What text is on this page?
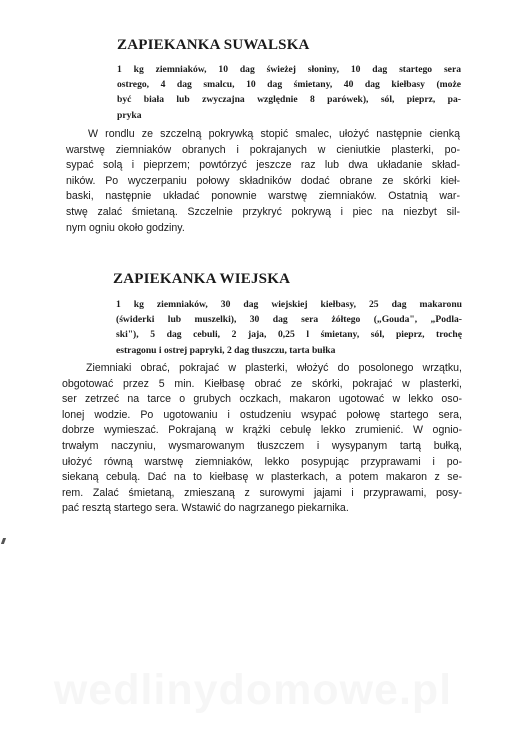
ZAPIEKANKA SUWALSKA
1 kg ziemniaków, 10 dag świeżej słoniny, 10 dag startego sera
ostrego, 4 dag smalcu, 10 dag śmietany, 40 dag kiełbasy (może
być biała lub zwyczajna względnie 8 parówek), sól, pieprz, pa-
pryka
W rondlu ze szczelną pokrywką stopić smalec, ułożyć następnie cienką
warstwę ziemniaków obranych i pokrajanych w cieniutkie plasterki, po-
sypać solą i pieprzem; powtórzyć jeszcze raz lub dwa układanie skład-
ników. Po wyczerpaniu połowy składników dodać obrane ze skórki kieł-
baski, następnie układać ponownie warstwę ziemniaków. Ostatnią war-
stwę zalać śmietaną. Szczelnie przykryć pokrywą i piec na niezbyt sil-
nym ogniu około godziny.
ZAPIEKANKA WIEJSKA
1 kg ziemniaków, 30 dag wiejskiej kiełbasy, 25 dag makaronu
(świderki lub muszelki), 30 dag sera żółtego („Gouda", „Podla-
ski"), 5 dag cebuli, 2 jaja, 0,25 l śmietany, sól, pieprz, trochę
estragonu i ostrej papryki, 2 dag tłuszczu, tarta bułka
Ziemniaki obrać, pokrajać w plasterki, włożyć do posolonego wrzątku,
obgotować przez 5 min. Kiełbasę obrać ze skórki, pokrajać w plasterki,
ser zetrzeć na tarce o grubych oczkach, makaron ugotować w lekko oso-
lonej wodzie. Po ugotowaniu i ostudzeniu wsypać połowę startego sera,
dobrze wymieszać. Pokrajaną w krążki cebulę lekko zrumienić. W ognio-
trwałym naczyniu, wysmarowanym tłuszczem i wysypanym tartą bułką,
ułożyć równą warstwę ziemniaków, lekko posypując przyprawami i po-
siekaną cebulą. Dać na to kiełbasę w plasterkach, a potem makaron z se-
rem. Zalać śmietaną, zmieszaną z surowymi jajami i przyprawami, posy-
pać resztą startego sera. Wstawić do nagrzanego piekarnika.
